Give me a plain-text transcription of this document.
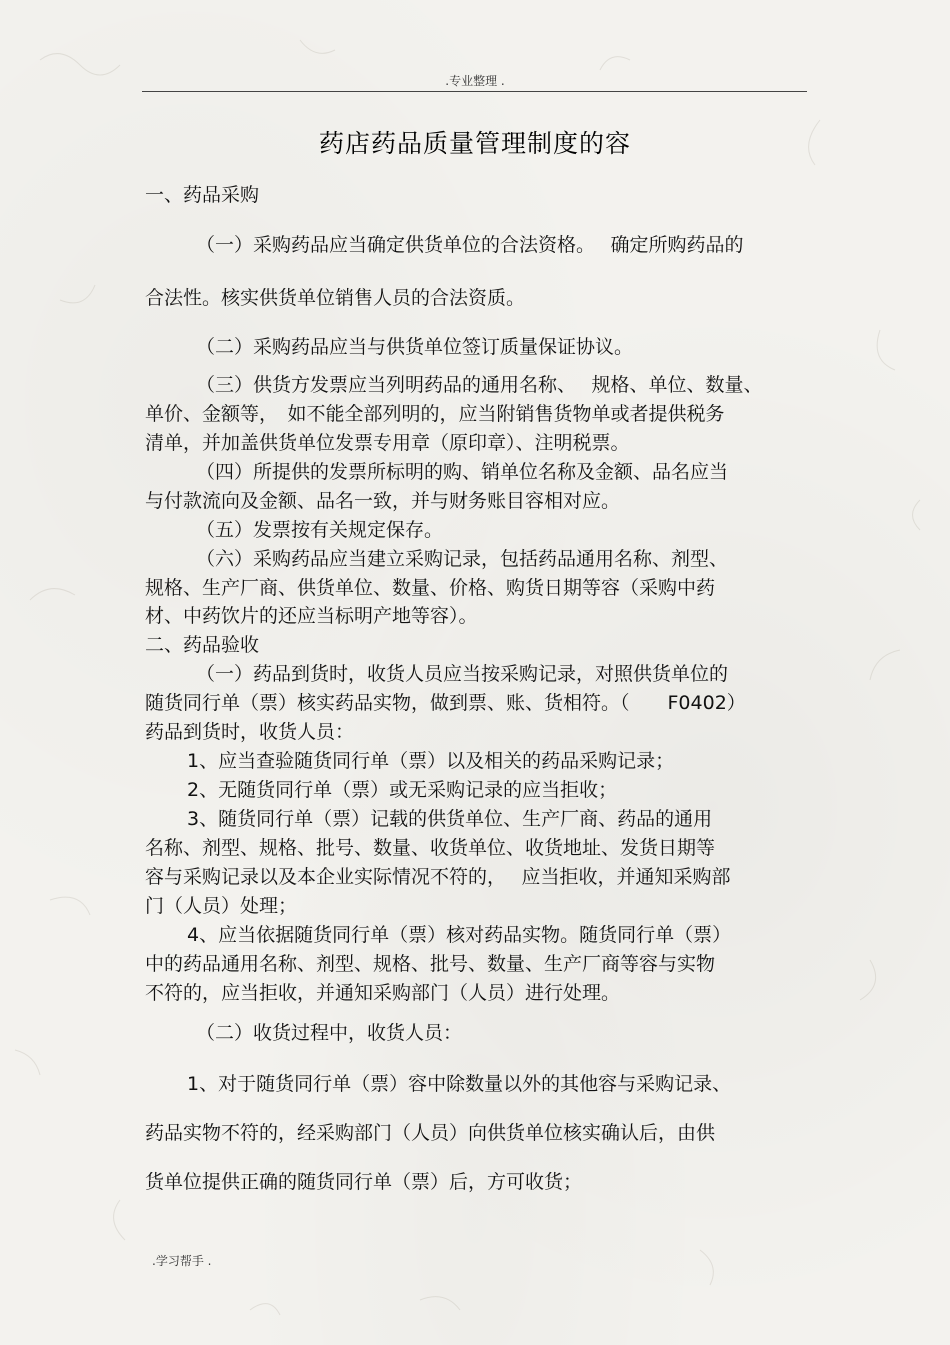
.专业整理 .
药店药品质量管理制度的容
一、药品采购
（一）采购药品应当确定供货单位的合法资格。　 确定所购药品的
合法性。核实供货单位销售人员的合法资质。
（二）采购药品应当与供货单位签订质量保证协议。
（三）供货方发票应当列明药品的通用名称、　 规格、单位、数量、
单价、金额等，　如不能全部列明的，应当附销售货物单或者提供税务
清单，并加盖供货单位发票专用章（原印章）、注明税票。
（四）所提供的发票所标明的购、销单位名称及金额、品名应当
与付款流向及金额、品名一致，并与财务账目容相对应。
（五）发票按有关规定保存。
（六）采购药品应当建立采购记录，包括药品通用名称、剂型、
规格、生产厂商、供货单位、数量、价格、购货日期等容（采购中药
材、中药饮片的还应当标明产地等容）。
二、药品验收
（一）药品到货时，收货人员应当按采购记录，对照供货单位的
随货同行单（票）核实药品实物，做到票、账、货相符。（　　F0402）
药品到货时，收货人员：
1、应当查验随货同行单（票）以及相关的药品采购记录；
2、无随货同行单（票）或无采购记录的应当拒收；
3、随货同行单（票）记载的供货单位、生产厂商、药品的通用
名称、剂型、规格、批号、数量、收货单位、收货地址、发货日期等
容与采购记录以及本企业实际情况不符的，　 应当拒收，并通知采购部
门（人员）处理；
4、应当依据随货同行单（票）核对药品实物。随货同行单（票）
中的药品通用名称、剂型、规格、批号、数量、生产厂商等容与实物
不符的，应当拒收，并通知采购部门（人员）进行处理。
（二）收货过程中，收货人员：
1、对于随货同行单（票）容中除数量以外的其他容与采购记录、
药品实物不符的，经采购部门（人员）向供货单位核实确认后，由供
货单位提供正确的随货同行单（票）后，方可收货；
.学习帮手 .
